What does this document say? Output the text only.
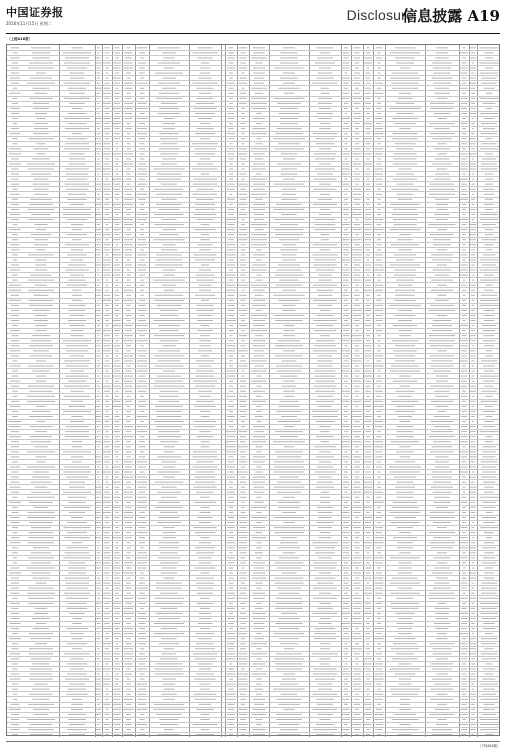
中国证券报
2016年11月15日 星期二
Disclosure
信息披露 A19
（上接A18版）
（下转A20版）
